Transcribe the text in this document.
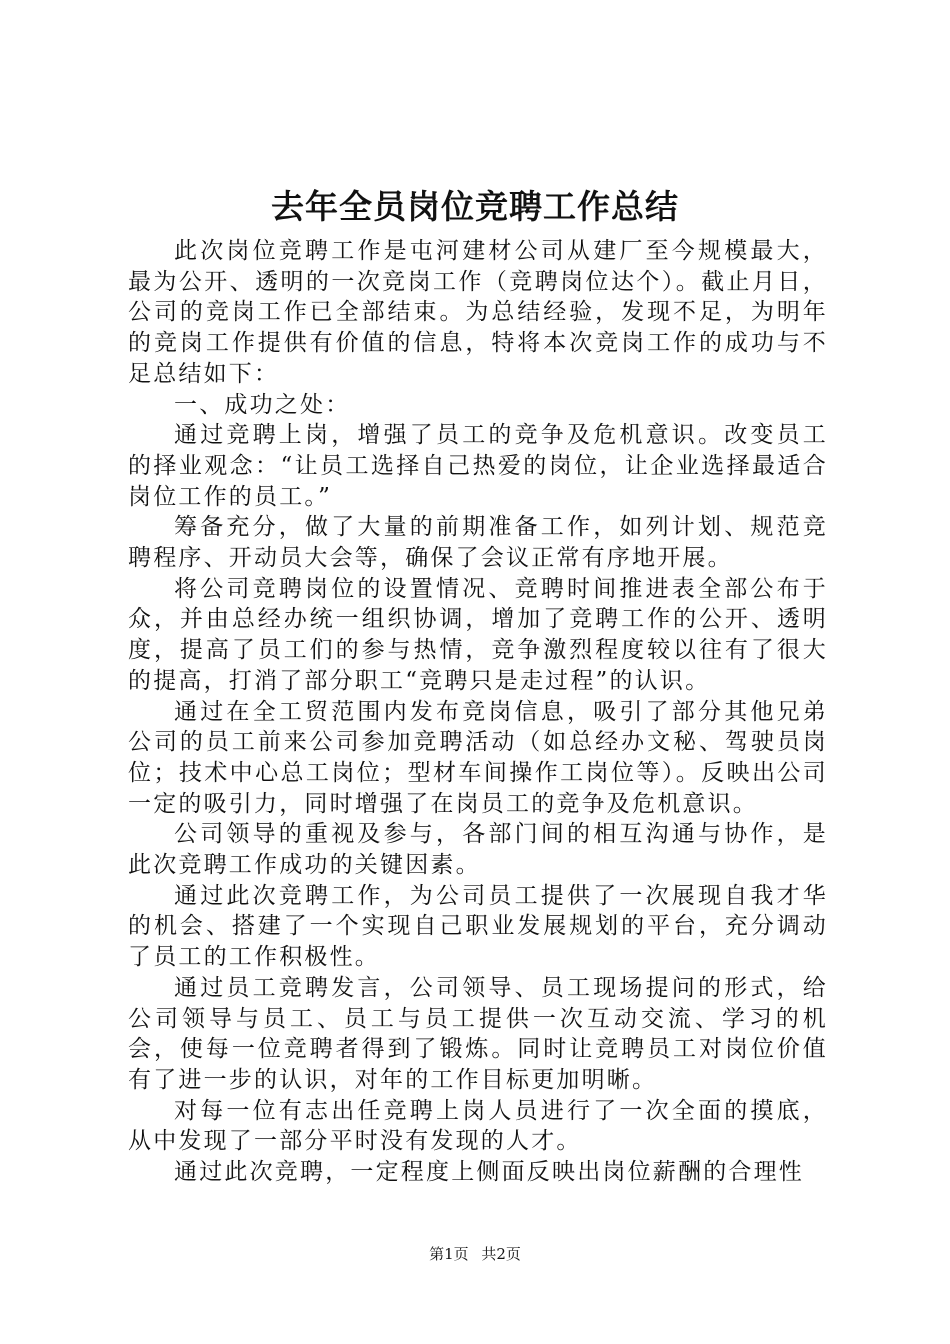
去年全员岗位竞聘工作总结

此次岗位竞聘工作是屯河建材公司从建厂至今规模最大，最为公开、透明的一次竞岗工作（竞聘岗位达个）。截止月日，公司的竞岗工作已全部结束。为总结经验，发现不足，为明年的竞岗工作提供有价值的信息，特将本次竞岗工作的成功与不足总结如下：

一、成功之处：

通过竞聘上岗，增强了员工的竞争及危机意识。改变员工的择业观念：“让员工选择自己热爱的岗位，让企业选择最适合岗位工作的员工。”

筹备充分，做了大量的前期准备工作，如列计划、规范竞聘程序、开动员大会等，确保了会议正常有序地开展。

将公司竞聘岗位的设置情况、竞聘时间推进表全部公布于众，并由总经办统一组织协调，增加了竞聘工作的公开、透明度，提高了员工们的参与热情，竞争激烈程度较以往有了很大的提高，打消了部分职工“竞聘只是走过程”的认识。

通过在全工贸范围内发布竞岗信息，吸引了部分其他兄弟公司的员工前来公司参加竞聘活动（如总经办文秘、驾驶员岗位；技术中心总工岗位；型材车间操作工岗位等）。反映出公司一定的吸引力，同时增强了在岗员工的竞争及危机意识。

公司领导的重视及参与，各部门间的相互沟通与协作，是此次竞聘工作成功的关键因素。

通过此次竞聘工作，为公司员工提供了一次展现自我才华的机会、搭建了一个实现自己职业发展规划的平台，充分调动了员工的工作积极性。

通过员工竞聘发言，公司领导、员工现场提问的形式，给公司领导与员工、员工与员工提供一次互动交流、学习的机会，使每一位竞聘者得到了锻炼。同时让竞聘员工对岗位价值有了进一步的认识，对年的工作目标更加明晰。

对每一位有志出任竞聘上岗人员进行了一次全面的摸底，从中发现了一部分平时没有发现的人才。

通过此次竞聘，一定程度上侧面反映出岗位薪酬的合理性

第1页 共2页
